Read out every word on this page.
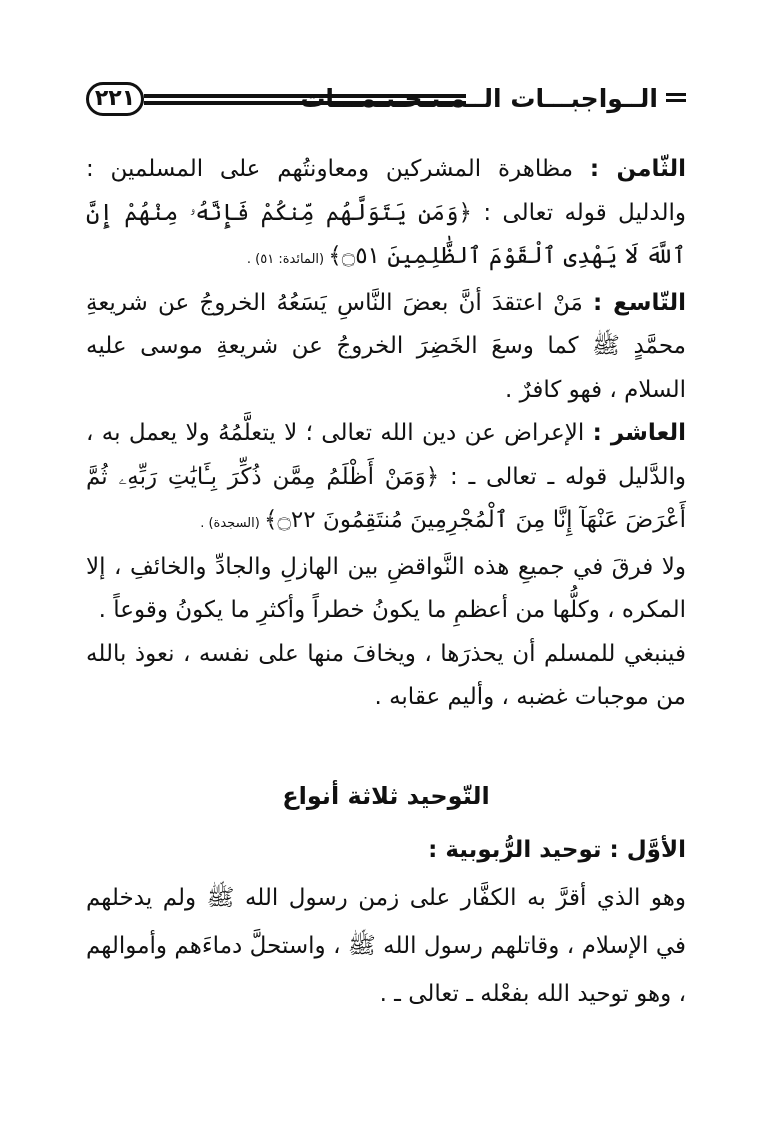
٢٢١	الــواجبـــات الــمـتـحـتـمـــات

الثّامن : مظاهرة المشركين ومعاونتُهم على المسلمين : والدليل قوله تعالى : ﴿وَمَن يَتَوَلَّهُم مِّنكُمْ فَإِنَّهُۥ مِنْهُمْ إِنَّ ٱللَّهَ لَا يَهْدِى ٱلْقَوْمَ ٱلظَّٰلِمِينَ ۝٥١﴾ (المائدة: ٥١) .

التّاسع : مَنْ اعتقدَ أنَّ بعضَ النَّاسِ يَسَعُهُ الخروجُ عن شريعةِ محمَّدٍ ﷺ كما وسعَ الخَضِرَ الخروجُ عن شريعةِ موسى عليه السلام ، فهو كافرٌ .

العاشر : الإعراض عن دين الله تعالى ؛ لا يتعلَّمُهُ ولا يعمل به ، والدَّليل قوله ـ تعالى ـ : ﴿وَمَنْ أَظْلَمُ مِمَّن ذُكِّرَ بِـَٔايَٰتِ رَبِّهِۦ ثُمَّ أَعْرَضَ عَنْهَآ إِنَّا مِنَ ٱلْمُجْرِمِينَ مُنتَقِمُونَ ۝٢٢﴾ (السجدة) .

ولا فرقَ في جميعِ هذه النَّواقضِ بين الهازلِ والجادِّ والخائفِ ، إلا المكره ، وكلُّها من أعظمِ ما يكونُ خطراً وأكثرِ ما يكونُ وقوعاً .

فينبغي للمسلم أن يحذرَها ، ويخافَ منها على نفسه ، نعوذ بالله من موجبات غضبه ، وأليم عقابه .

التّوحيد ثلاثة أنواع

الأوَّل : توحيد الرُّبوبية :

وهو الذي أقرَّ به الكفَّار على زمن رسول الله ﷺ ولم يدخلهم في الإسلام ، وقاتلهم رسول الله ﷺ ، واستحلَّ دماءَهم وأموالهم ، وهو توحيد الله بفعْله ـ تعالى ـ .
